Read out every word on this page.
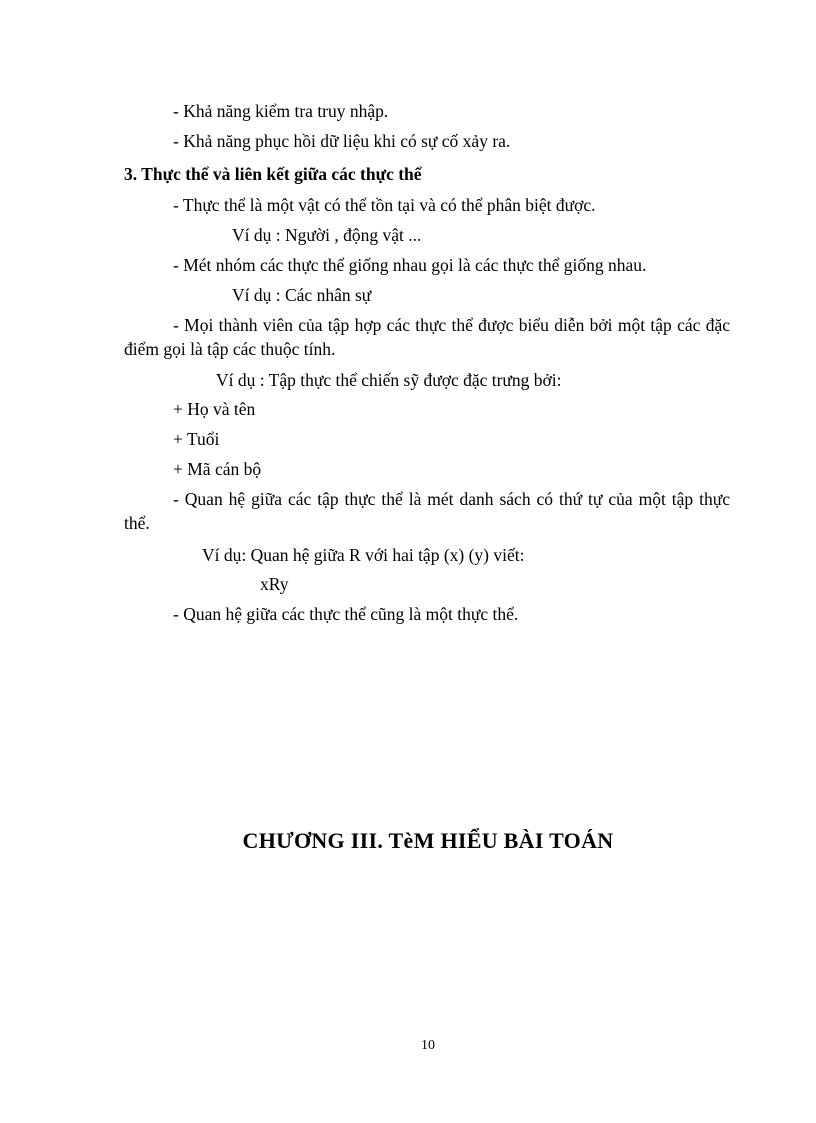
- Khả năng kiểm tra truy nhập.
- Khả năng phục hồi dữ liệu khi có sự cố xảy ra.
3. Thực thể và liên kết giữa các thực thể
- Thực thể là một vật có thể tồn tại và có thể phân biệt được.
Ví dụ : Người , động vật ...
- Mét nhóm các thực thể giống nhau gọi là các thực thể giống nhau.
Ví dụ : Các nhân sự
- Mọi thành viên của tập hợp các thực thể được biểu diễn bởi một tập các đặc điểm gọi là tập các thuộc tính.
Ví dụ : Tập thực thể chiến sỹ được đặc trưng bởi:
+ Họ và tên
+ Tuổi
+ Mã cán bộ
- Quan hệ giữa các tập thực thể là mét danh sách có thứ tự của một tập thực thể.
Ví dụ: Quan hệ giữa R với hai tập (x) (y) viết:
xRy
- Quan hệ giữa các thực thể cũng là một thực thể.
CHƯƠNG III. TèM HIỂU BÀI TOÁN
10
